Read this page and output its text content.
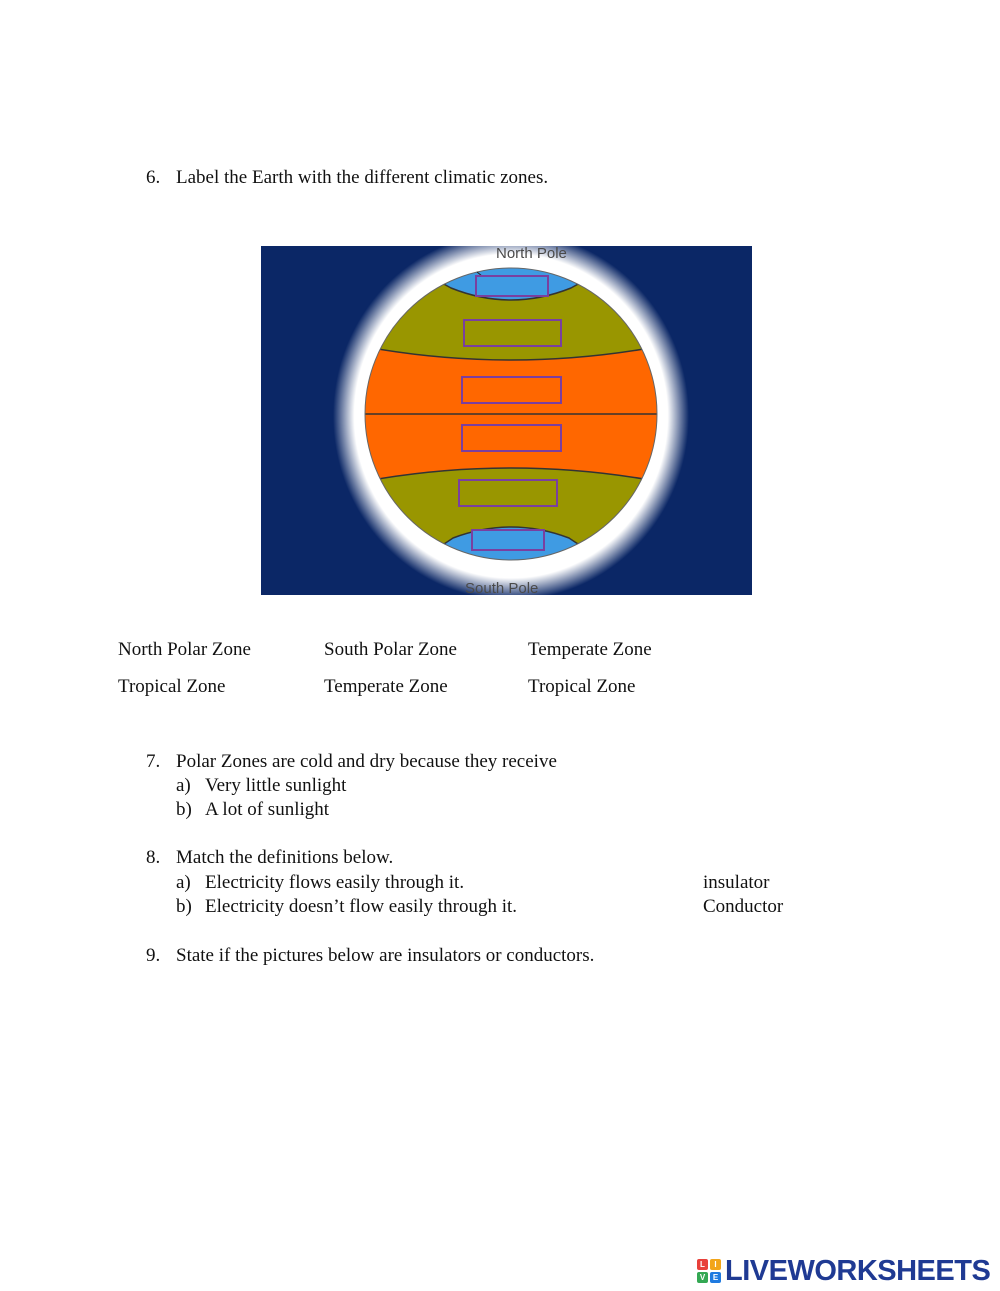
6. Label the Earth with the different climatic zones.
North Pole
South Pole
North Polar Zone	South Polar Zone	Temperate Zone
Tropical Zone	Temperate Zone	Tropical Zone
7. Polar Zones are cold and dry because they receive
a) Very little sunlight
b) A lot of sunlight
8. Match the definitions below.
a) Electricity flows easily through it.	insulator
b) Electricity doesn’t flow easily through it.	Conductor
9. State if the pictures below are insulators or conductors.
L	I
V E LIVEWORKSHEETS
